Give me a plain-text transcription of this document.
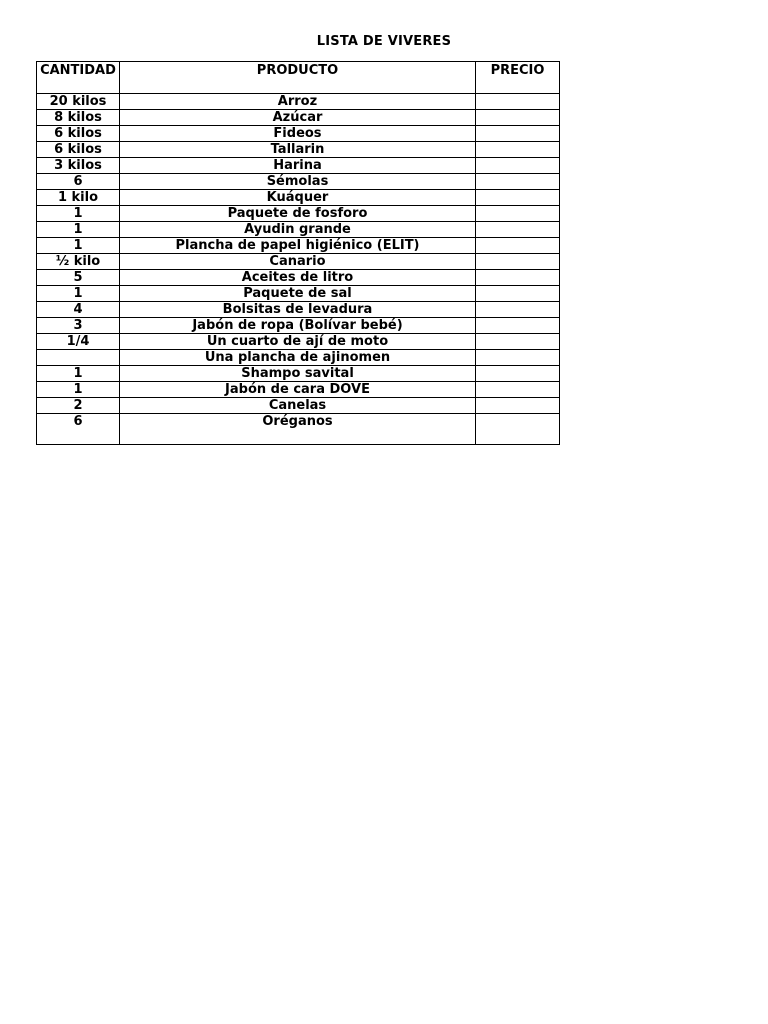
LISTA DE VIVERES
CANTIDAD	PRODUCTO	PRECIO
20 kilos	Arroz	
8 kilos	Azúcar	
6 kilos	Fideos	
6 kilos	Tallarin	
3 kilos	Harina	
6	Sémolas	
1 kilo	Kuáquer	
1	Paquete de fosforo	
1	Ayudin grande	
1	Plancha de papel higiénico (ELIT)	
½ kilo	Canario	
5	Aceites de litro	
1	Paquete de sal	
4	Bolsitas de levadura	
3	Jabón de ropa (Bolívar bebé)	
1/4	Un cuarto de ají de moto	
	Una plancha de ajinomen	
1	Shampo savital	
1	Jabón de cara DOVE	
2	Canelas	
6	Oréganos	
